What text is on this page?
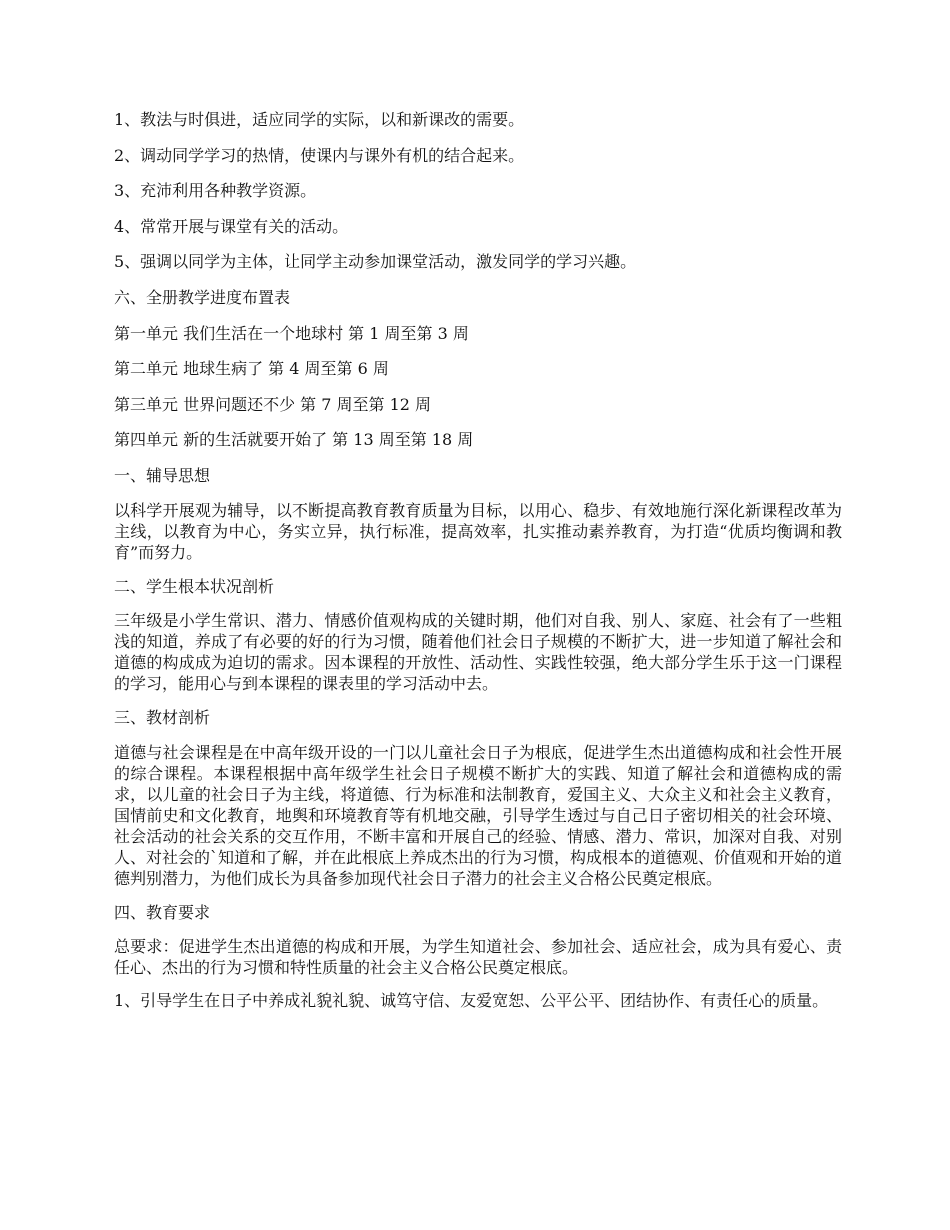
1、教法与时俱进，适应同学的实际，以和新课改的需要。
2、调动同学学习的热情，使课内与课外有机的结合起来。
3、充沛利用各种教学资源。
4、常常开展与课堂有关的活动。
5、强调以同学为主体，让同学主动参加课堂活动，激发同学的学习兴趣。
六、全册教学进度布置表
第一单元 我们生活在一个地球村 第 1 周至第 3 周
第二单元 地球生病了 第 4 周至第 6 周
第三单元 世界问题还不少 第 7 周至第 12 周
第四单元 新的生活就要开始了 第 13 周至第 18 周
一、辅导思想
以科学开展观为辅导，以不断提高教育教育质量为目标，以用心、稳步、有效地施行深化新课程改革为主线，以教育为中心，务实立异，执行标准，提高效率，扎实推动素养教育，为打造“优质均衡调和教育”而努力。
二、学生根本状况剖析
三年级是小学生常识、潜力、情感价值观构成的关键时期，他们对自我、别人、家庭、社会有了一些粗浅的知道，养成了有必要的好的行为习惯，随着他们社会日子规模的不断扩大，进一步知道了解社会和道德的构成成为迫切的需求。因本课程的开放性、活动性、实践性较强，绝大部分学生乐于这一门课程的学习，能用心与到本课程的课表里的学习活动中去。
三、教材剖析
道德与社会课程是在中高年级开设的一门以儿童社会日子为根底，促进学生杰出道德构成和社会性开展的综合课程。本课程根据中高年级学生社会日子规模不断扩大的实践、知道了解社会和道德构成的需求，以儿童的社会日子为主线，将道德、行为标准和法制教育，爱国主义、大众主义和社会主义教育，国情前史和文化教育，地舆和环境教育等有机地交融，引导学生透过与自己日子密切相关的社会环境、社会活动的社会关系的交互作用，不断丰富和开展自己的经验、情感、潜力、常识，加深对自我、对别人、对社会的`知道和了解，并在此根底上养成杰出的行为习惯，构成根本的道德观、价值观和开始的道德判别潜力，为他们成长为具备参加现代社会日子潜力的社会主义合格公民奠定根底。
四、教育要求
总要求：促进学生杰出道德的构成和开展，为学生知道社会、参加社会、适应社会，成为具有爱心、责任心、杰出的行为习惯和特性质量的社会主义合格公民奠定根底。
1、引导学生在日子中养成礼貌礼貌、诚笃守信、友爱宽恕、公平公平、团结协作、有责任心的质量。
